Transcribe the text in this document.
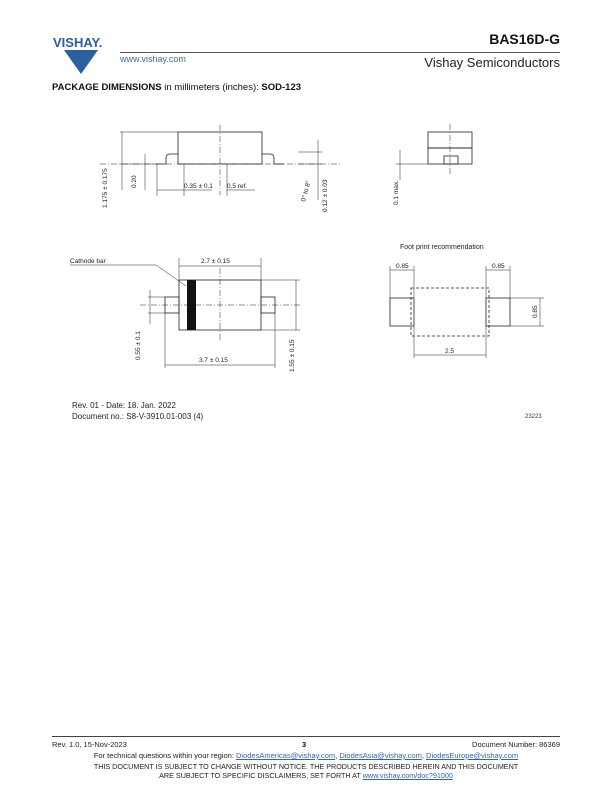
VISHAY.
www.vishay.com
BAS16D-G
Vishay Semiconductors
PACKAGE DIMENSIONS in millimeters (inches): SOD-123
1.175 ± 0.175	0.20	0.35 ± 0.1 0.5 ref.	0° to 8° 0.12 ± 0.03	0.1 max.
Cathode bar	2.7 ± 0.15
0.55 ± 0.1
3.7 ± 0.15	1.55 ± 0.15
Foot print recommendation
0.85	0.85
0.85
2.5
Rev. 01 - Date: 18. Jan. 2022
Document no.: S8-V-3910.01-003 (4)	23223
Rev. 1.0, 15-Nov-2023	3	Document Number: 86369
For technical questions within your region: DiodesAmericas@vishay.com, DiodesAsia@vishay.com, DiodesEurope@vishay.com
THIS DOCUMENT IS SUBJECT TO CHANGE WITHOUT NOTICE. THE PRODUCTS DESCRIBED HEREIN AND THIS DOCUMENT
ARE SUBJECT TO SPECIFIC DISCLAIMERS, SET FORTH AT www.vishay.com/doc?91000
